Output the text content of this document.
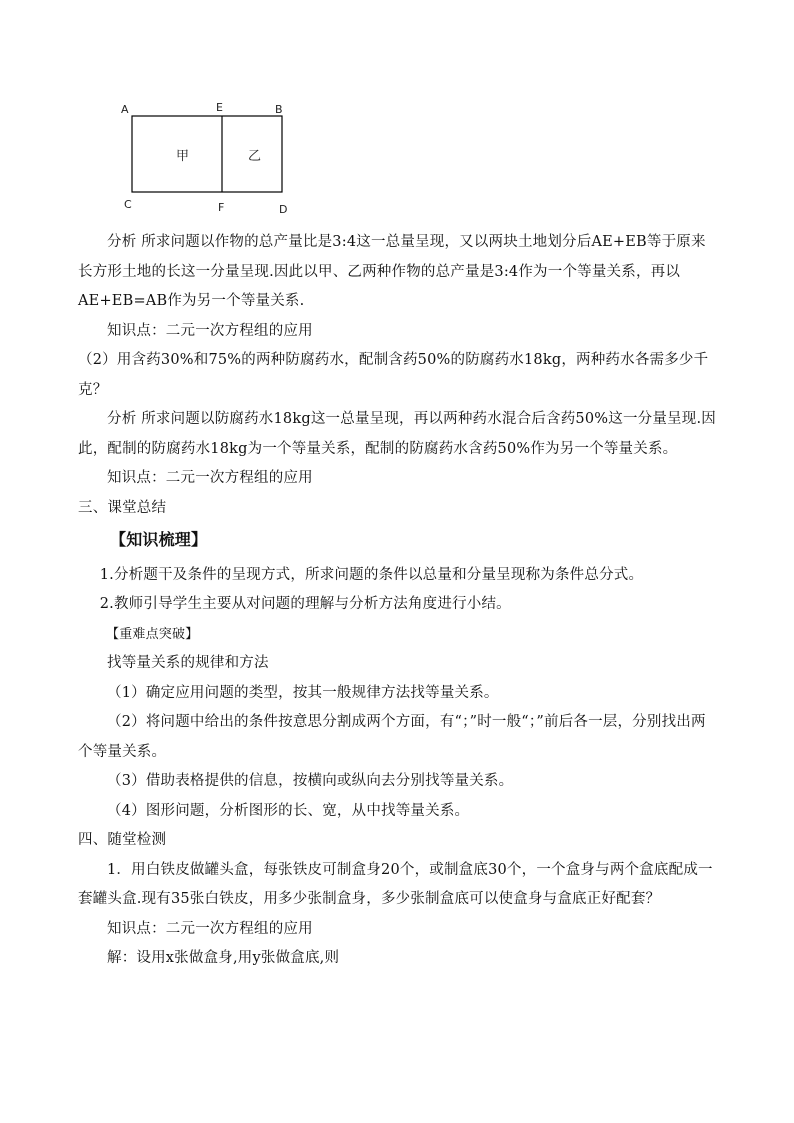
A	E	B
C	F	D
甲	乙

分析 所求问题以作物的总产量比是3:4这一总量呈现，又以两块土地划分后AE+EB等于原来长方形土地的长这一分量呈现.因此以甲、乙两种作物的总产量是3:4作为一个等量关系，再以AE+EB=AB作为另一个等量关系.

知识点：二元一次方程组的应用

（2）用含药30%和75%的两种防腐药水，配制含药50%的防腐药水18kg，两种药水各需多少千克？

分析 所求问题以防腐药水18kg这一总量呈现，再以两种药水混合后含药50%这一分量呈现.因此，配制的防腐药水18kg为一个等量关系，配制的防腐药水含药50%作为另一个等量关系。

知识点：二元一次方程组的应用

三、课堂总结

【知识梳理】

1.分析题干及条件的呈现方式，所求问题的条件以总量和分量呈现称为条件总分式。

2.教师引导学生主要从对问题的理解与分析方法角度进行小结。

【重难点突破】

找等量关系的规律和方法

（1）确定应用问题的类型，按其一般规律方法找等量关系。

（2）将问题中给出的条件按意思分割成两个方面，有“；”时一般“；”前后各一层，分别找出两个等量关系。

（3）借助表格提供的信息，按横向或纵向去分别找等量关系。

（4）图形问题，分析图形的长、宽，从中找等量关系。

四、随堂检测

1．用白铁皮做罐头盒，每张铁皮可制盒身20个，或制盒底30个，一个盒身与两个盒底配成一套罐头盒.现有35张白铁皮，用多少张制盒身，多少张制盒底可以使盒身与盒底正好配套？

知识点：二元一次方程组的应用

解：设用x张做盒身,用y张做盒底,则
